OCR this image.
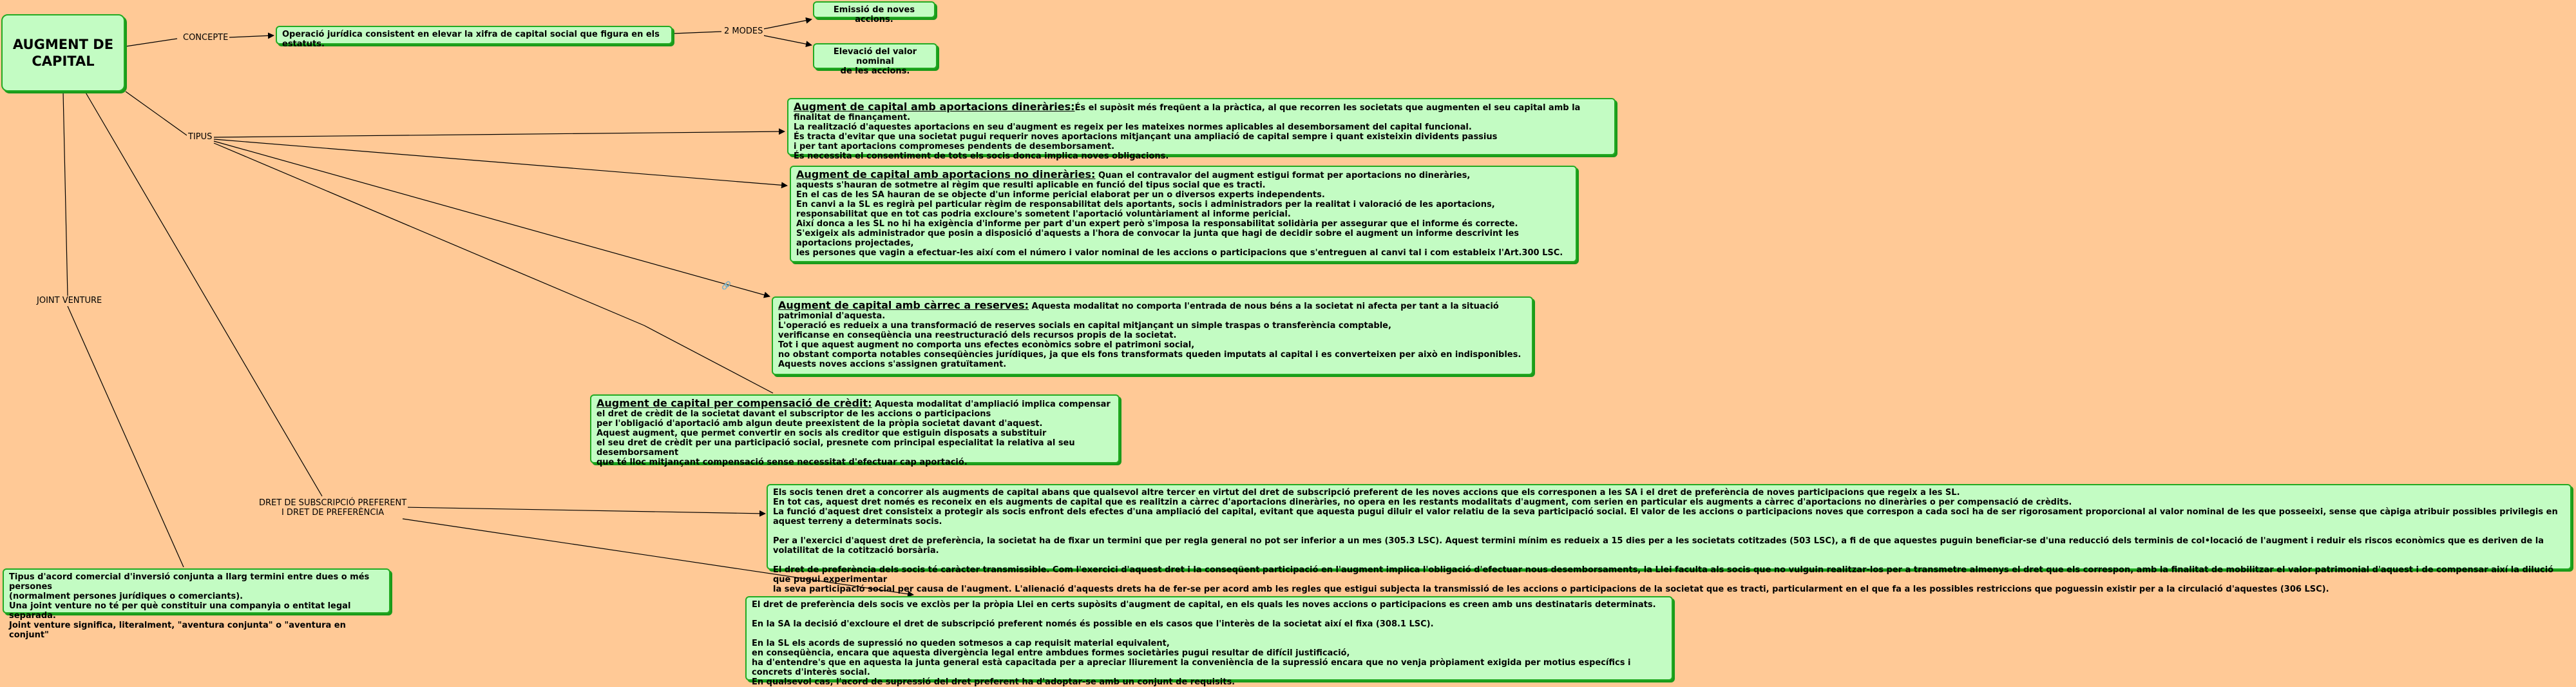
AUGMENT DE
CAPITAL
CONCEPTE
2 MODES
TIPUS
JOINT VENTURE
DRET DE SUBSCRIPCIÓ PREFERENT
I DRET DE PREFERÈNCIA

Operació jurídica consistent en elevar la xifra de capital social que figura en els estatuts.

Emissió de noves accions.

Elevació del valor nominal
de les accions.

Augment de capital amb aportacions dineràries:És el supòsit més freqüent a la pràctica, al que recorren les societats que augmenten el seu capital amb la finalitat de finançament.
La realització d'aquestes aportacions en seu d'augment es regeix per les mateixes normes aplicables al desemborsament del capital funcional.
És tracta d'evitar que una societat pugui requerir noves aportacions mitjançant una ampliació de capital sempre i quant existeixin dividents passius
i per tant aportacions compromeses pendents de desemborsament.
És necessita el consentiment de tots els socis donca implica noves obligacions.

Augment de capital amb aportacions no dineràries: Quan el contravalor del augment estigui format per aportacions no dineràries,
aquests s'hauran de sotmetre al règim que resulti aplicable en funció del tipus social que es tracti.
En el cas de les SA hauran de se objecte d'un informe pericial elaborat per un o diversos experts independents.
En canvi a la SL es regirà pel particular règim de responsabilitat dels aportants, socis i administradors per la realitat i valoració de les aportacions,
responsabilitat que en tot cas podria excloure's sometent l'aportació voluntàriament al informe pericial.
Així donca a les SL no hi ha exigència d'informe per part d'un expert però s'imposa la responsabilitat solidària per assegurar que el informe és correcte.
S'exigeix als administrador que posin a disposició d'aquests a l'hora de convocar la junta que hagi de decidir sobre el augment un informe descrivint les aportacions projectades,
les persones que vagin a efectuar-les així com el número i valor nominal de les accions o participacions que s'entreguen al canvi tal i com estableix l'Art.300 LSC.

🔗

Augment de capital amb càrrec a reserves: Aquesta modalitat no comporta l'entrada de nous béns a la societat ni afecta per tant a la situació patrimonial d'aquesta.
L'operació es redueix a una transformació de reserves socials en capital mitjançant un simple traspas o transferència comptable,
verificanse en conseqüència una reestructuració dels recursos propis de la societat.
Tot i que aquest augment no comporta uns efectes econòmics sobre el patrimoni social,
no obstant comporta notables conseqüències jurídiques, ja que els fons transformats queden imputats al capital i es converteixen per això en indisponibles.
Aquests noves accions s'assignen gratuïtament.

Augment de capital per compensació de crèdit: Aquesta modalitat d'ampliació implica compensar
el dret de crèdit de la societat davant el subscriptor de les accions o participacions
per l'obligació d'aportació amb algun deute preexistent de la pròpia societat davant d'aquest.
Aquest augment, que permet convertir en socis als creditor que estiguin disposats a substituir
el seu dret de crèdit per una participació social, presnete com principal especialitat la relativa al seu desemborsament
que té lloc mitjançant compensació sense necessitat d'efectuar cap aportació.

Els socis tenen dret a concorrer als augments de capital abans que qualsevol altre tercer en virtut del dret de subscripció preferent de les noves accions que els corresponen a les SA i el dret de preferència de noves participacions que regeix a les SL.
En tot cas, aquest dret només es reconeix en els augments de capital que es realitzin a càrrec d'aportacions dineràries, no opera en les restants modalitats d'augment, com serien en particular els augments a càrrec d'aportacions no dineràries o per compensació de crèdits.
La funció d'aquest dret consisteix a protegir als socis enfront dels efectes d'una ampliació del capital, evitant que aquesta pugui diluir el valor relatiu de la seva participació social. El valor de les accions o participacions noves que correspon a cada soci ha de ser rigorosament proporcional al valor nominal de les que posseeixi, sense que càpiga atribuir possibles privilegis en aquest terreny a determinats socis.

Per a l'exercici d'aquest dret de preferència, la societat ha de fixar un termini que per regla general no pot ser inferior a un mes (305.3 LSC). Aquest termini mínim es redueix a 15 dies per a les societats cotitzades (503 LSC), a fi de que aquestes puguin beneficiar-se d'una reducció dels terminis de col•locació de l'augment i reduir els riscos econòmics que es deriven de la volatilitat de la cotització borsària.

El dret de preferència dels socis té caràcter transmissible. Com l'exercici d'aquest dret i la conseqüent participació en l'augment implica l'obligació d'efectuar nous desemborsaments, la Llei faculta als socis que no vulguin realitzar-los per a transmetre almenys el dret que els correspon, amb la finalitat de mobilitzar el valor patrimonial d'aquest i de compensar així la dilució que pugui experimentar
la seva participació social per causa de l'augment. L'alienació d'aquests drets ha de fer-se per acord amb les regles que estigui subjecta la transmissió de les accions o participacions de la societat que es tracti, particularment en el que fa a les possibles restriccions que poguessin existir per a la circulació d'aquestes (306 LSC).

El dret de preferència dels socis ve exclòs per la pròpia Llei en certs supòsits d'augment de capital, en els quals les noves accions o participacions es creen amb uns destinataris determinats.

En la SA la decisió d'excloure el dret de subscripció preferent només és possible en els casos que l'interès de la societat així el fixa (308.1 LSC).

En la SL els acords de supressió no queden sotmesos a cap requisit material equivalent,
en conseqüència, encara que aquesta divergència legal entre ambdues formes societàries pugui resultar de difícil justificació,
ha d'entendre's que en aquesta la junta general està capacitada per a apreciar lliurement la conveniència de la supressió encara que no venja pròpiament exigida per motius específics i concrets d'interès social.
En qualsevol cas, l'acord de supressió del dret preferent ha d'adoptar-se amb un conjunt de requisits.

Tipus d'acord comercial d'inversió conjunta a llarg termini entre dues o més persones
(normalment persones jurídiques o comerciants).
Una joint venture no té per què constituir una companyia o entitat legal separada.
Joint venture significa, literalment, "aventura conjunta" o "aventura en conjunt"
